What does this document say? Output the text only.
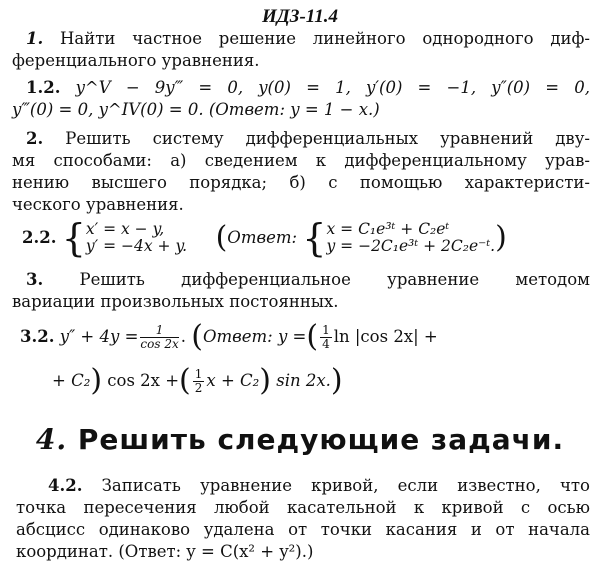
ИДЗ-11.4
1. Найти частное решение линейного однородного диф-
ференциального уравнения.
1.2. y^V − 9y‴ = 0, y(0) = 1, y′(0) = −1, y″(0) = 0,
y‴(0) = 0, y^IV(0) = 0. (Ответ: y = 1 − x.)
2. Решить систему дифференциальных уравнений дву-
мя способами: а) сведением к дифференциальному урав-
нению высшего порядка; б) с помощью характеристи-
ческого уравнения.
2.2. { x′ = x − y,
y′ = −4x + y. (Ответ: { x = C₁e³ᵗ + C₂eᵗ
y = −2C₁e³ᵗ + 2C₂e⁻ᵗ. )
3. Решить дифференциальное уравнение методом
вариации произвольных постоянных.
3.2. $y'' + 4y = \frac{1}{\cos 2x}$ . (Ответ: y =( $\frac{1}{4}$ ln |cos 2x| +
+ C₂) cos 2x +( $\frac{1}{2}$ x + C₂) sin 2x.)
4. Решить следующие задачи.
4.2. Записать уравнение кривой, если известно, что
точка пересечения любой касательной к кривой с осью
абсцисс одинаково удалена от точки касания и от начала
координат. (Ответ: y = C(x² + y²).)
